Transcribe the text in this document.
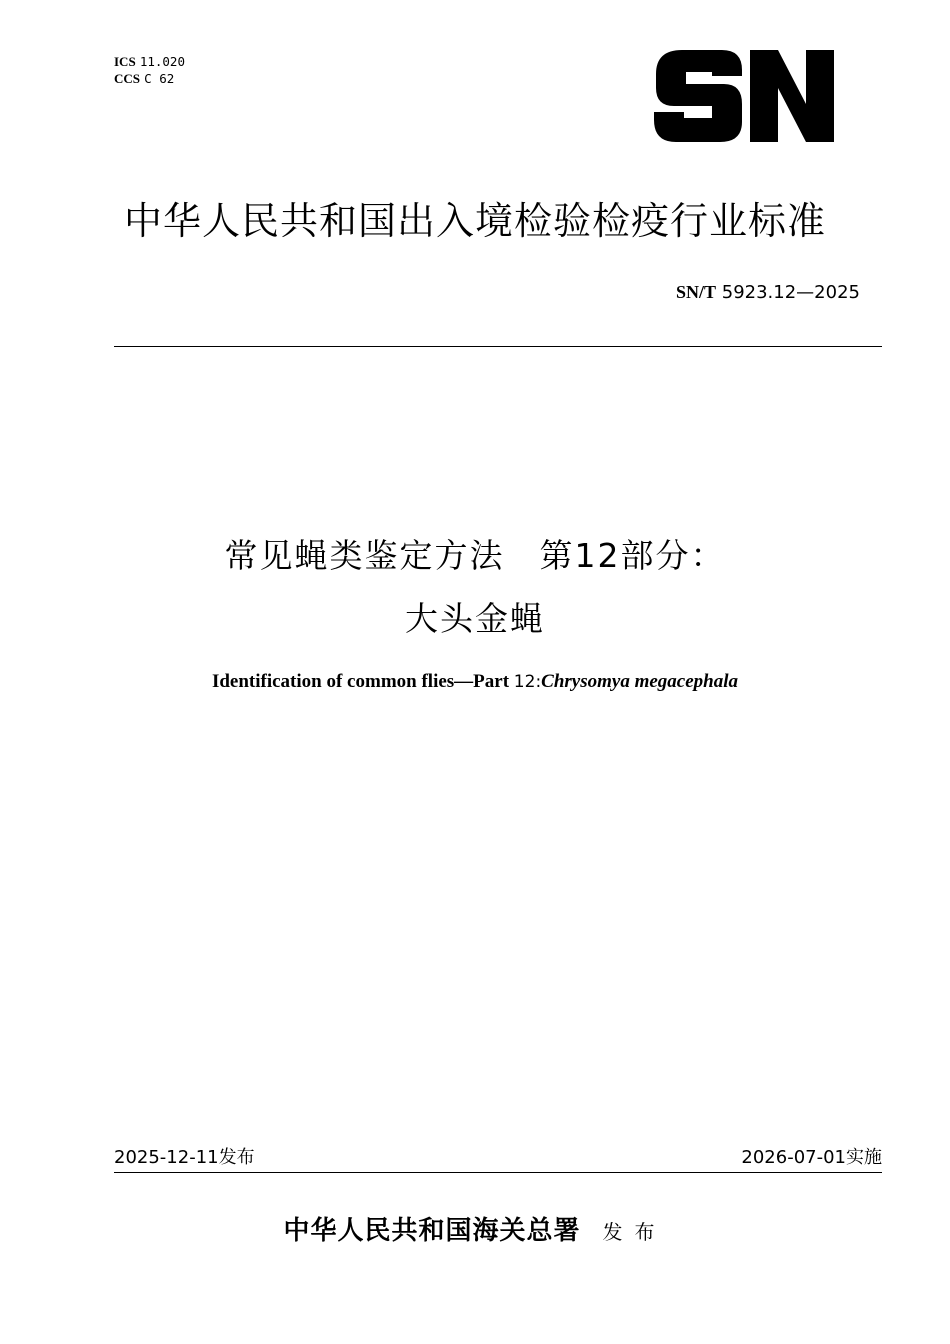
ICS 11.020
CCS C 62
中华人民共和国出入境检验检疫行业标准
SN/T 5923.12—2025
常见蝇类鉴定方法　第12部分：
大头金蝇
Identification of common flies—Part 12:Chrysomya megacephala
2025-12-11发布	2026-07-01实施
中华人民共和国海关总署 发布
